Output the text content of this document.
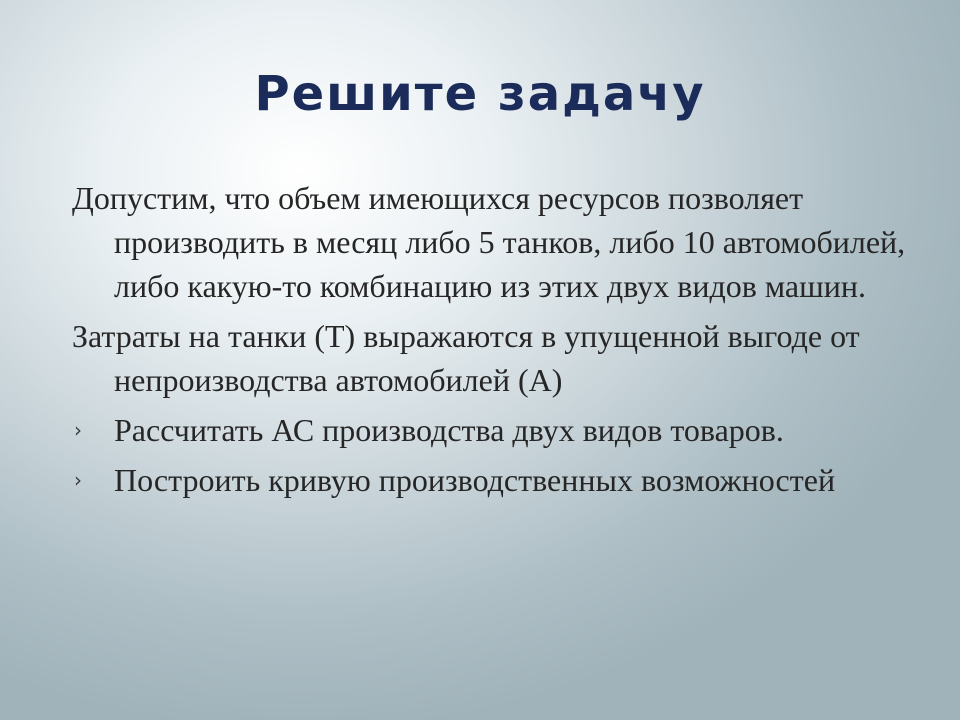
Решите задачу

Допустим, что объем имеющихся ресурсов позволяет производить в месяц либо 5 танков, либо 10 автомобилей, либо какую-то комбинацию из этих двух видов машин.

Затраты на танки (Т) выражаются в упущенной выгоде от непроизводства автомобилей (А)

› Рассчитать АС производства двух видов товаров.
› Построить кривую производственных возможностей
